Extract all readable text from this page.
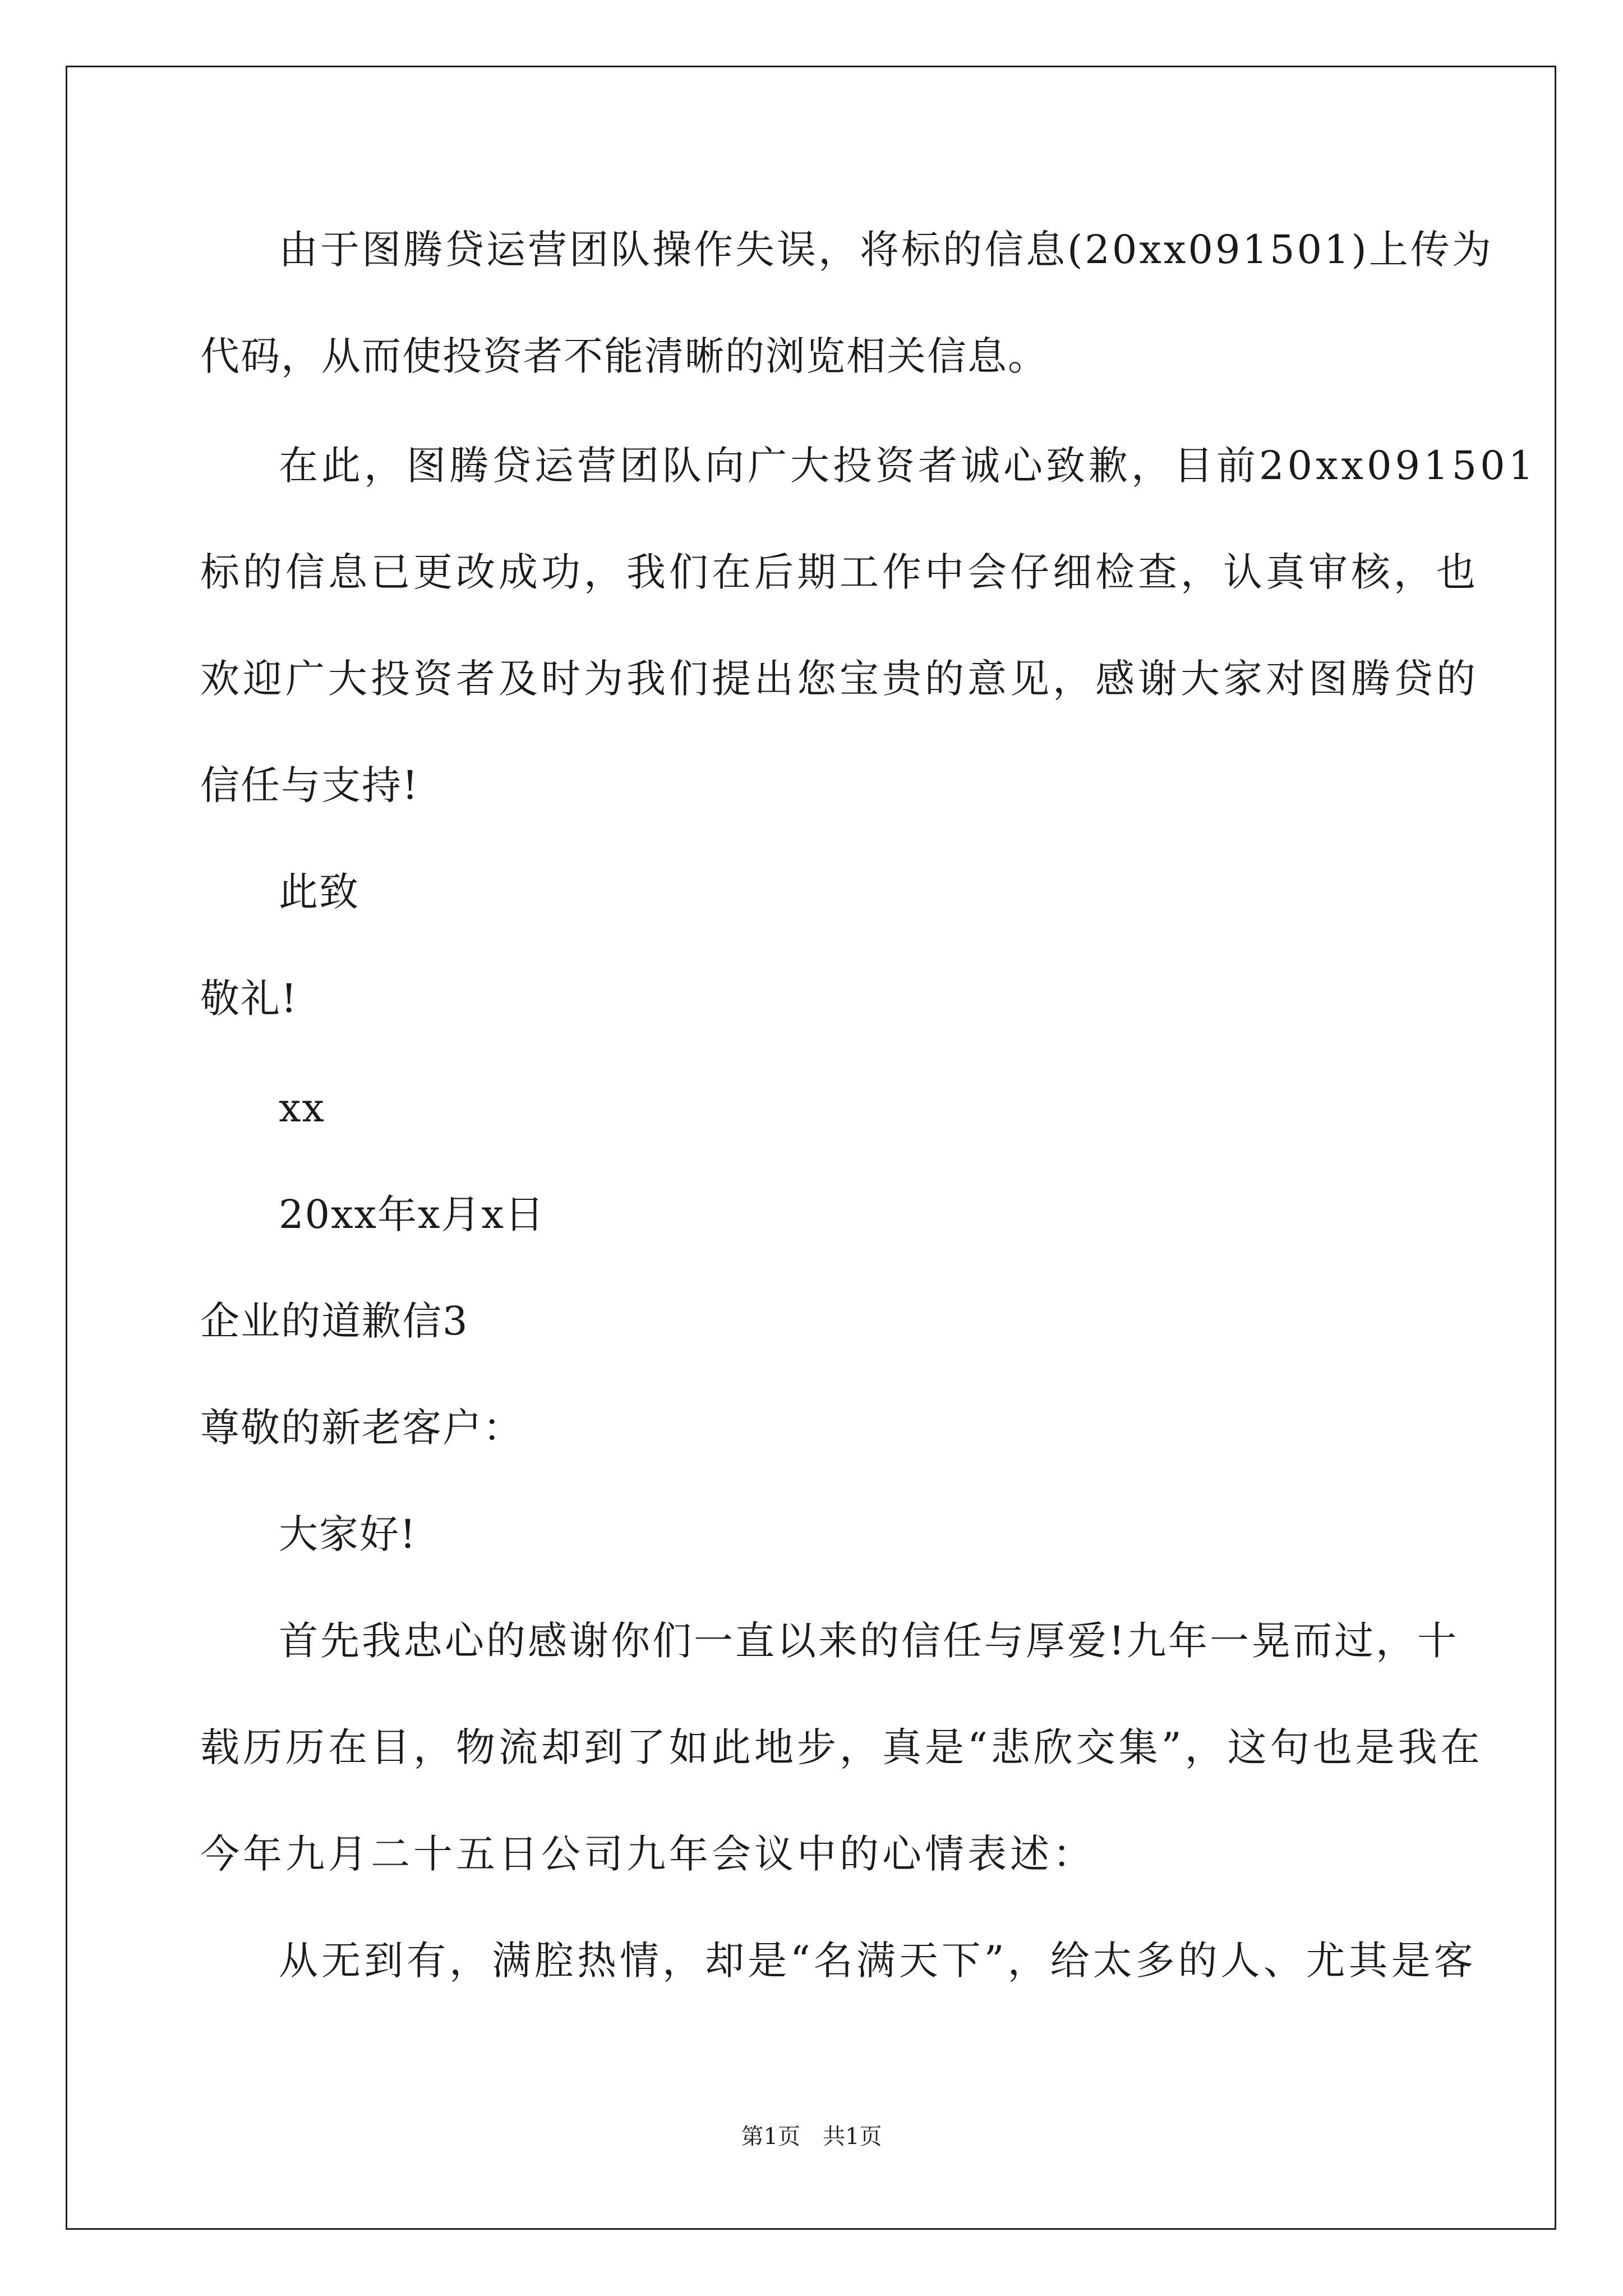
由于图腾贷运营团队操作失误，将标的信息(20xx091501)上传为
代码，从而使投资者不能清晰的浏览相关信息。
在此，图腾贷运营团队向广大投资者诚心致歉，目前20xx091501
标的信息已更改成功，我们在后期工作中会仔细检查，认真审核，也
欢迎广大投资者及时为我们提出您宝贵的意见，感谢大家对图腾贷的
信任与支持!
此致
敬礼!
xx
20xx年x月x日
企业的道歉信3
尊敬的新老客户：
大家好!
首先我忠心的感谢你们一直以来的信任与厚爱!九年一晃而过，十
载历历在目，物流却到了如此地步，真是“悲欣交集”，这句也是我在
今年九月二十五日公司九年会议中的心情表述：
从无到有，满腔热情，却是“名满天下”，给太多的人、尤其是客
第1页　共1页
